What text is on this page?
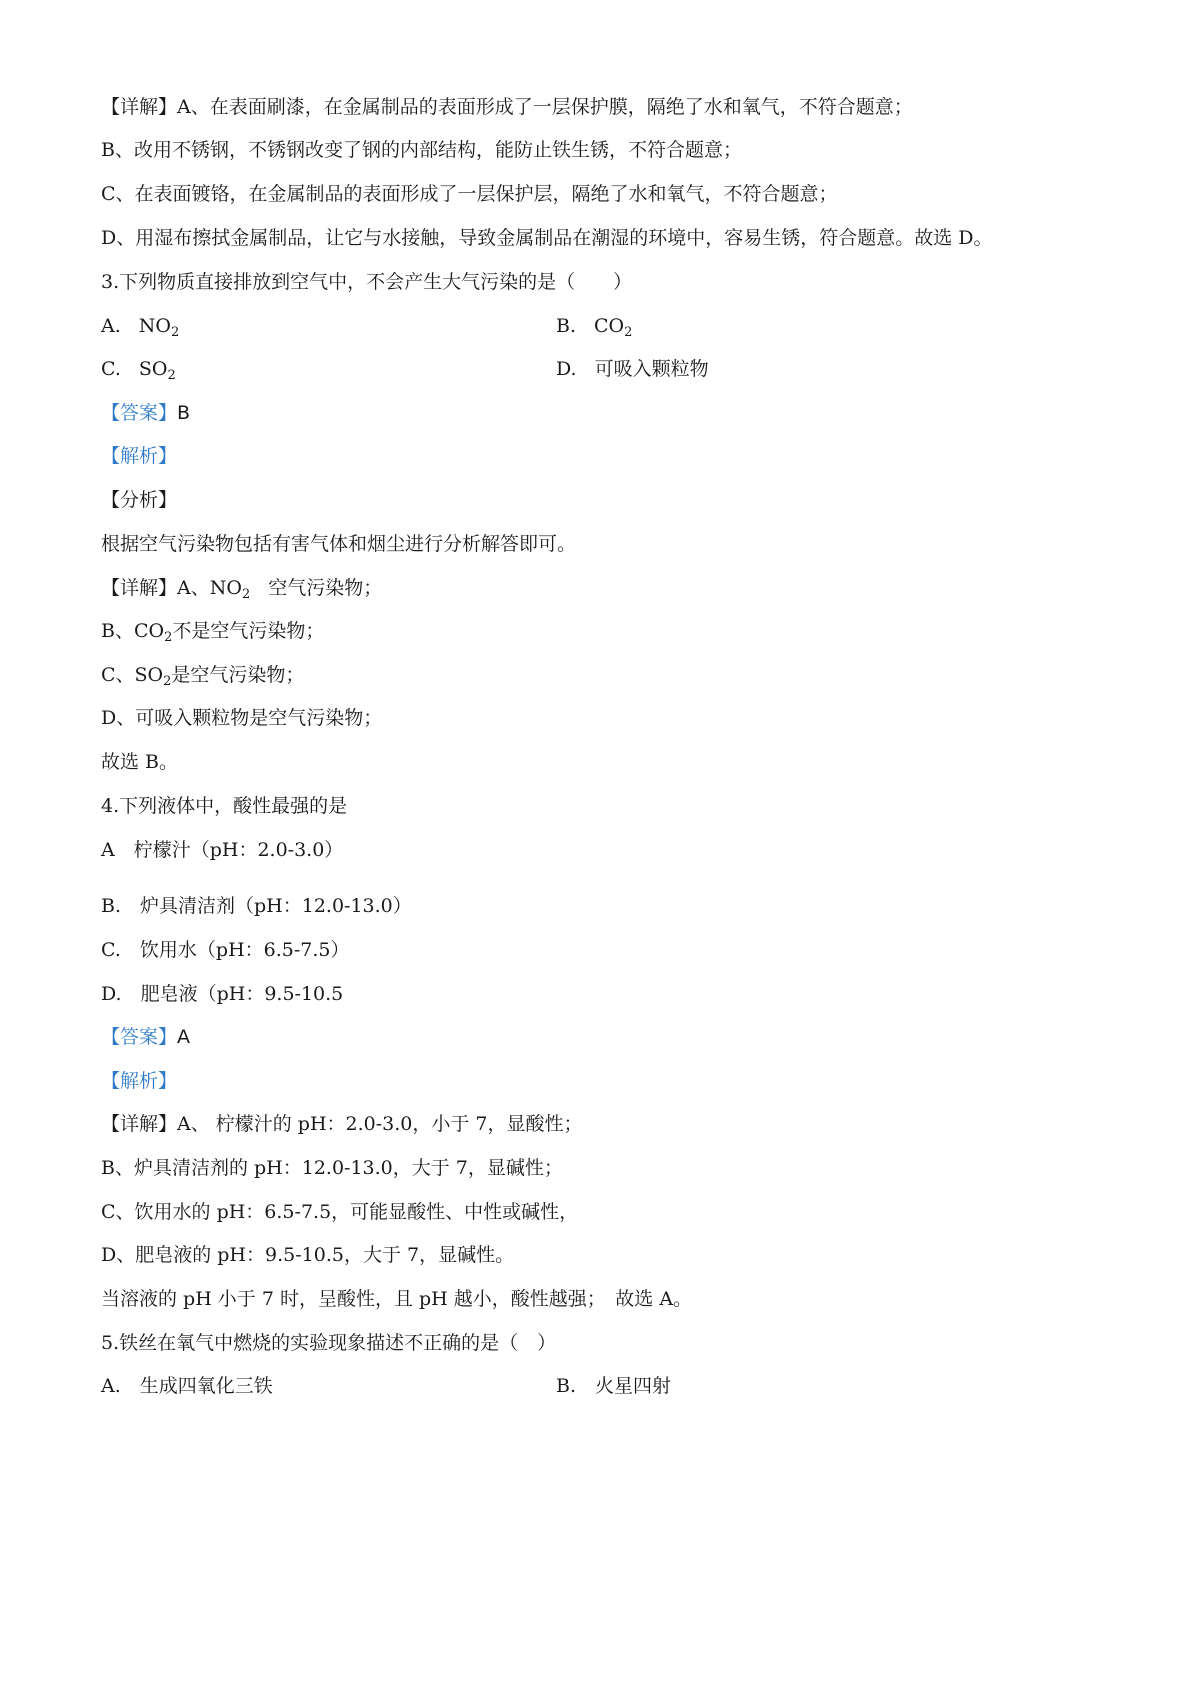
【详解】A、在表面刷漆，在金属制品的表面形成了一层保护膜，隔绝了水和氧气，不符合题意；
B、改用不锈钢，不锈钢改变了钢的内部结构，能防止铁生锈，不符合题意；
C、在表面镀铬，在金属制品的表面形成了一层保护层，隔绝了水和氧气，不符合题意；
D、用湿布擦拭金属制品，让它与水接触，导致金属制品在潮湿的环境中，容易生锈，符合题意。故选 D。
3.下列物质直接排放到空气中，不会产生大气污染的是（　　）
A. $NO_2$	B. $CO_2$
C. $SO_2$	D. 可吸入颗粒物
【答案】B
【解析】
【分析】
根据空气污染物包括有害气体和烟尘进行分析解答即可。
【详解】A、$NO_2$ 空气污染物；
B、$CO_2$不是空气污染物；
C、$SO_2$是空气污染物；
D、可吸入颗粒物是空气污染物；
故选 B。
4.下列液体中，酸性最强的是
A　柠檬汁（pH：2.0-3.0）
B.　炉具清洁剂（pH：12.0-13.0）
C.　饮用水（pH：6.5-7.5）
D.　肥皂液（pH：9.5-10.5
【答案】A
【解析】
【详解】A、 柠檬汁的 pH：2.0-3.0，小于 7，显酸性；
B、炉具清洁剂的 pH：12.0-13.0，大于 7，显碱性；
C、饮用水的 pH：6.5-7.5，可能显酸性、中性或碱性，
D、肥皂液的 pH：9.5-10.5，大于 7，显碱性。
当溶液的 pH 小于 7 时，呈酸性，且 pH 越小，酸性越强；　故选 A。
5.铁丝在氧气中燃烧的实验现象描述不正确的是（　）
A.　生成四氧化三铁	B.　火星四射
